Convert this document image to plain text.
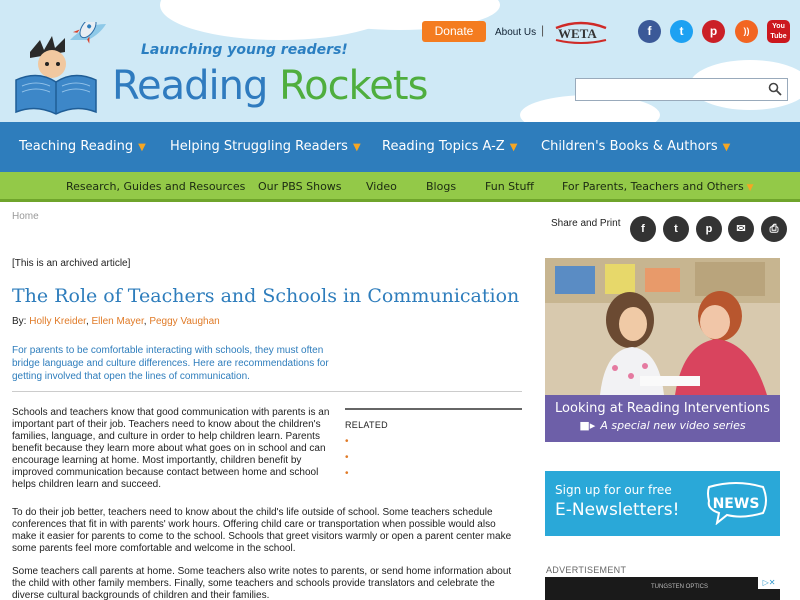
Launching young readers!
Reading Rockets
Donate	About Us | WETA	f	t	p	))	You Tube
Teaching Reading ▼ Helping Struggling Readers ▼ Reading Topics A-Z ▼ Children's Books & Authors ▼
Research, Guides and Resources Our PBS Shows Video	Blogs	Fun Stuff	For Parents, Teachers and Others ▼
Home
[This is an archived article]
The Role of Teachers and Schools in Communication
By: Holly Kreider, Ellen Mayer, Peggy Vaughan
For parents to be comfortable interacting with schools, they must often bridge language and culture differences. Here are recommendations for getting involved that open the lines of communication.

Schools and teachers know that good communication with parents is an important part of their job. Teachers need to know about the children's families, language, and culture in order to help children learn. Parents benefit because they learn more about what goes on in school and can encourage learning at home. Most importantly, children benefit by improved communication because contact between home and school helps children learn and succeed.

RELATED
•
•
•

To do their job better, teachers need to know about the child's life outside of school. Some teachers schedule conferences that fit in with parents' work hours. Offering child care or transportation when possible would also make it easier for parents to come to the school. Schools that greet visitors warmly or open a parent center make some parents feel more comfortable and welcome in the school.

Some teachers call parents at home. Some teachers also write notes to parents, or send home information about the child with other family members. Finally, some teachers and schools provide translators and celebrate the diverse cultural backgrounds of children and their families.

Share and Print	f	t	p	✉	⎙
Looking at Reading Interventions
■▸ A special new video series
Sign up for our free
E-Newsletters! NEWS
ADVERTISEMENT
TUNGSTEN OPTICS	▷✕
